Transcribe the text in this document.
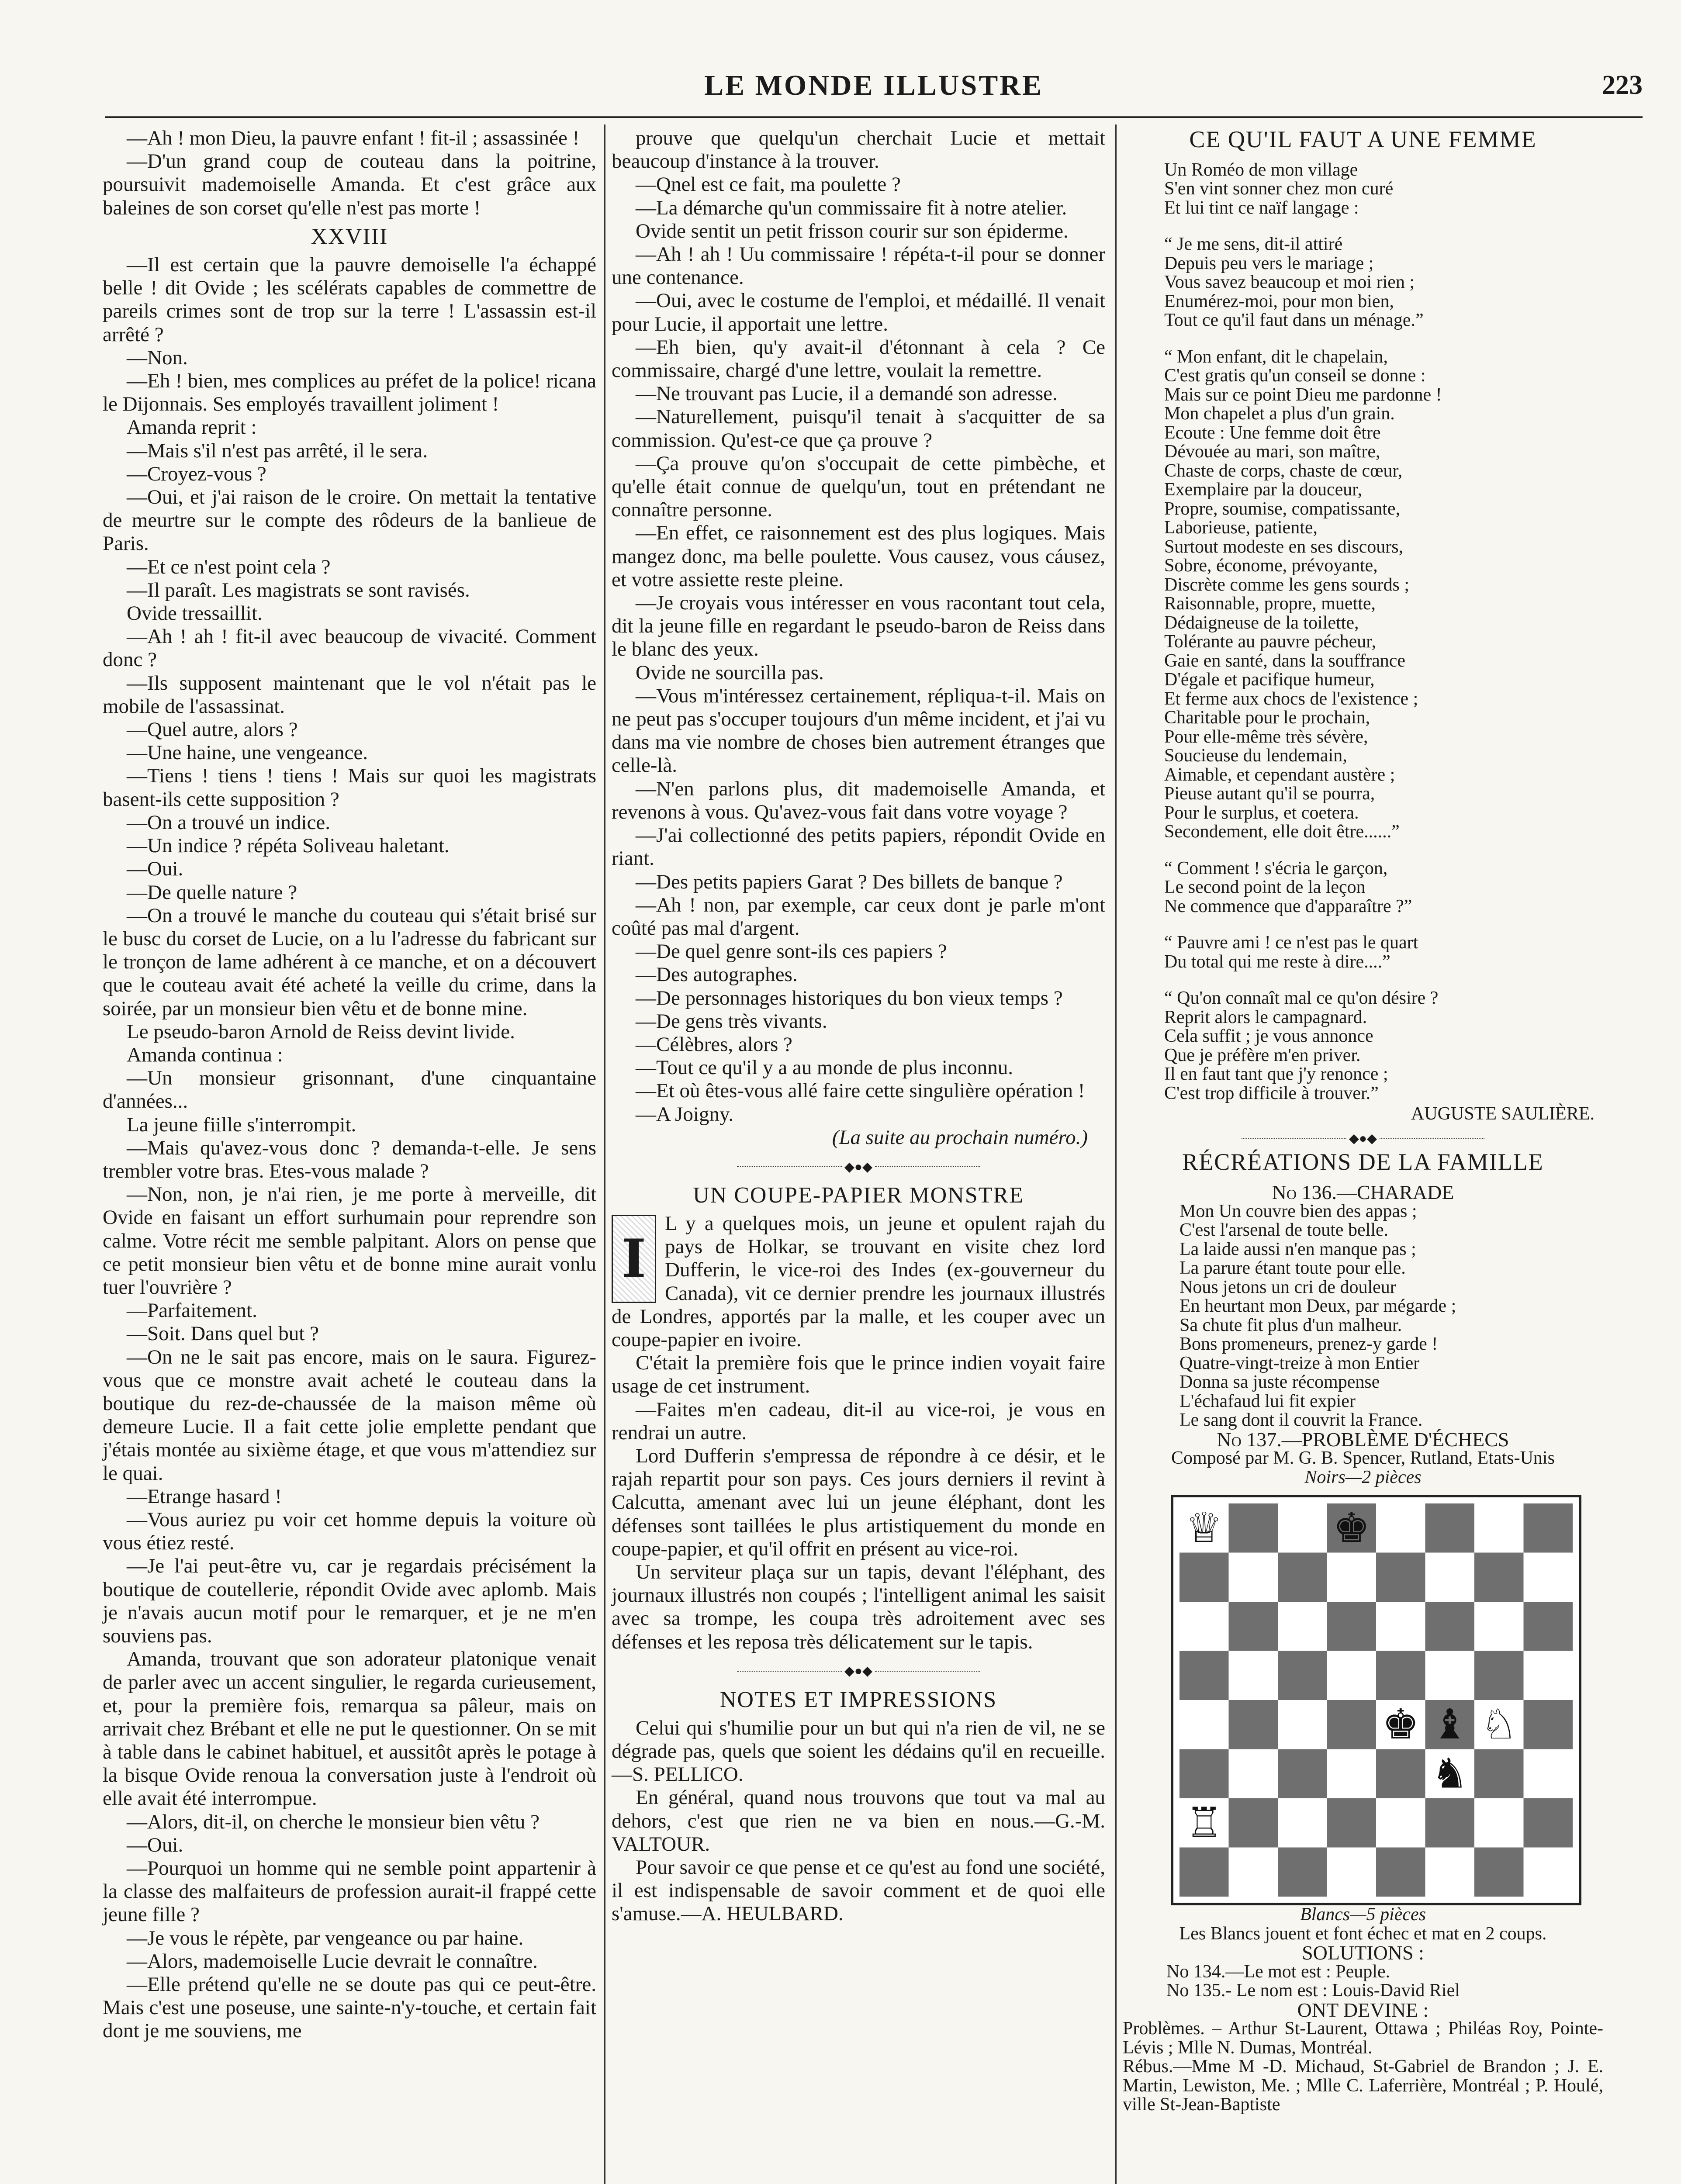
LE MONDE ILLUSTRE	223

—Ah ! mon Dieu, la pauvre enfant ! fit-il ; assassinée !

—D'un grand coup de couteau dans la poitrine, poursuivit mademoiselle Amanda. Et c'est grâce aux baleines de son corset qu'elle n'est pas morte !

XXVIII

—Il est certain que la pauvre demoiselle l'a échappé belle ! dit Ovide ; les scélérats capables de commettre de pareils crimes sont de trop sur la terre ! L'assassin est-il arrêté ?

—Non.

—Eh ! bien, mes complices au préfet de la police! ricana le Dijonnais. Ses employés travaillent joliment !

Amanda reprit :

—Mais s'il n'est pas arrêté, il le sera.

—Croyez-vous ?

—Oui, et j'ai raison de le croire. On mettait la tentative de meurtre sur le compte des rôdeurs de la banlieue de Paris.

—Et ce n'est point cela ?

—Il paraît. Les magistrats se sont ravisés.

Ovide tressaillit.

—Ah ! ah ! fit-il avec beaucoup de vivacité. Comment donc ?

—Ils supposent maintenant que le vol n'était pas le mobile de l'assassinat.

—Quel autre, alors ?

—Une haine, une vengeance.

—Tiens ! tiens ! tiens ! Mais sur quoi les magistrats basent-ils cette supposition ?

—On a trouvé un indice.

—Un indice ? répéta Soliveau haletant.

—Oui.

—De quelle nature ?

—On a trouvé le manche du couteau qui s'était brisé sur le busc du corset de Lucie, on a lu l'adresse du fabricant sur le tronçon de lame adhérent à ce manche, et on a découvert que le couteau avait été acheté la veille du crime, dans la soirée, par un monsieur bien vêtu et de bonne mine.

Le pseudo-baron Arnold de Reiss devint livide.

Amanda continua :

—Un monsieur grisonnant, d'une cinquantaine d'années...

La jeune fiille s'interrompit.

—Mais qu'avez-vous donc ? demanda-t-elle. Je sens trembler votre bras. Etes-vous malade ?

—Non, non, je n'ai rien, je me porte à merveille, dit Ovide en faisant un effort surhumain pour reprendre son calme. Votre récit me semble palpitant. Alors on pense que ce petit monsieur bien vêtu et de bonne mine aurait vonlu tuer l'ouvrière ?

—Parfaitement.

—Soit. Dans quel but ?

—On ne le sait pas encore, mais on le saura. Figurez-vous que ce monstre avait acheté le couteau dans la boutique du rez-de-chaussée de la maison même où demeure Lucie. Il a fait cette jolie emplette pendant que j'étais montée au sixième étage, et que vous m'attendiez sur le quai.

—Etrange hasard !

—Vous auriez pu voir cet homme depuis la voiture où vous étiez resté.

—Je l'ai peut-être vu, car je regardais précisément la boutique de coutellerie, répondit Ovide avec aplomb. Mais je n'avais aucun motif pour le remarquer, et je ne m'en souviens pas.

Amanda, trouvant que son adorateur platonique venait de parler avec un accent singulier, le regarda curieusement, et, pour la première fois, remarqua sa pâleur, mais on arrivait chez Brébant et elle ne put le questionner. On se mit à table dans le cabinet habituel, et aussitôt après le potage à la bisque Ovide renoua la conversation juste à l'endroit où elle avait été interrompue.

—Alors, dit-il, on cherche le monsieur bien vêtu ?

—Oui.

—Pourquoi un homme qui ne semble point appartenir à la classe des malfaiteurs de profession aurait-il frappé cette jeune fille ?

—Je vous le répète, par vengeance ou par haine.

—Alors, mademoiselle Lucie devrait le connaître.

—Elle prétend qu'elle ne se doute pas qui ce peut-être. Mais c'est une poseuse, une sainte-n'y-touche, et certain fait dont je me souviens, me

prouve que quelqu'un cherchait Lucie et mettait beaucoup d'instance à la trouver.

—Qnel est ce fait, ma poulette ?

—La démarche qu'un commissaire fit à notre atelier.

Ovide sentit un petit frisson courir sur son épiderme.

—Ah ! ah ! Uu commissaire ! répéta-t-il pour se donner une contenance.

—Oui, avec le costume de l'emploi, et médaillé. Il venait pour Lucie, il apportait une lettre.

—Eh bien, qu'y avait-il d'étonnant à cela ? Ce commissaire, chargé d'une lettre, voulait la remettre.

—Ne trouvant pas Lucie, il a demandé son adresse.

—Naturellement, puisqu'il tenait à s'acquitter de sa commission. Qu'est-ce que ça prouve ?

—Ça prouve qu'on s'occupait de cette pimbèche, et qu'elle était connue de quelqu'un, tout en prétendant ne connaître personne.

—En effet, ce raisonnement est des plus logiques. Mais mangez donc, ma belle poulette. Vous causez, vous cáusez, et votre assiette reste pleine.

—Je croyais vous intéresser en vous racontant tout cela, dit la jeune fille en regardant le pseudo-baron de Reiss dans le blanc des yeux.

Ovide ne sourcilla pas.

—Vous m'intéressez certainement, répliqua-t-il. Mais on ne peut pas s'occuper toujours d'un même incident, et j'ai vu dans ma vie nombre de choses bien autrement étranges que celle-là.

—N'en parlons plus, dit mademoiselle Amanda, et revenons à vous. Qu'avez-vous fait dans votre voyage ?

—J'ai collectionné des petits papiers, répondit Ovide en riant.

—Des petits papiers Garat ? Des billets de banque ?

—Ah ! non, par exemple, car ceux dont je parle m'ont coûté pas mal d'argent.

—De quel genre sont-ils ces papiers ?

—Des autographes.

—De personnages historiques du bon vieux temps ?

—De gens très vivants.

—Célèbres, alors ?

—Tout ce qu'il y a au monde de plus inconnu.

—Et où êtes-vous allé faire cette singulière opération !

—A Joigny.

(La suite au prochain numéro.)

◆●◆
UN COUPE-PAPIER MONSTRE
I

L y a quelques mois, un jeune et opulent rajah du pays de Holkar, se trouvant en visite chez lord Dufferin, le vice-roi des Indes (ex-gouverneur du Canada), vit ce dernier prendre les journaux illustrés de Londres, apportés par la malle, et les couper avec un coupe-papier en ivoire.

C'était la première fois que le prince indien voyait faire usage de cet instrument.

—Faites m'en cadeau, dit-il au vice-roi, je vous en rendrai un autre.

Lord Dufferin s'empressa de répondre à ce désir, et le rajah repartit pour son pays. Ces jours derniers il revint à Calcutta, amenant avec lui un jeune éléphant, dont les défenses sont taillées le plus artistiquement du monde en coupe-papier, et qu'il offrit en présent au vice-roi.

Un serviteur plaça sur un tapis, devant l'éléphant, des journaux illustrés non coupés ; l'intelligent animal les saisit avec sa trompe, les coupa très adroitement avec ses défenses et les reposa très délicatement sur le tapis.

◆●◆
NOTES ET IMPRESSIONS

Celui qui s'humilie pour un but qui n'a rien de vil, ne se dégrade pas, quels que soient les dédains qu'il en recueille.—S. PELLICO.

En général, quand nous trouvons que tout va mal au dehors, c'est que rien ne va bien en nous.—G.-M. VALTOUR.

Pour savoir ce que pense et ce qu'est au fond une société, il est indispensable de savoir comment et de quoi elle s'amuse.—A. HEULBARD.

CE QU'IL FAUT A UNE FEMME
Un Roméo de mon village
S'en vint sonner chez mon curé
Et lui tint ce naïf langage :
“ Je me sens, dit-il attiré
Depuis peu vers le mariage ;
Vous savez beaucoup et moi rien ;
Enumérez-moi, pour mon bien,
Tout ce qu'il faut dans un ménage.”
“ Mon enfant, dit le chapelain,
C'est gratis qu'un conseil se donne :
Mais sur ce point Dieu me pardonne !
Mon chapelet a plus d'un grain.
Ecoute : Une femme doit être
Dévouée au mari, son maître,
Chaste de corps, chaste de cœur,
Exemplaire par la douceur,
Propre, soumise, compatissante,
Laborieuse, patiente,
Surtout modeste en ses discours,
Sobre, économe, prévoyante,
Discrète comme les gens sourds ;
Raisonnable, propre, muette,
Dédaigneuse de la toilette,
Tolérante au pauvre pécheur,
Gaie en santé, dans la souffrance
D'égale et pacifique humeur,
Et ferme aux chocs de l'existence ;
Charitable pour le prochain,
Pour elle-même très sévère,
Soucieuse du lendemain,
Aimable, et cependant austère ;
Pieuse autant qu'il se pourra,
Pour le surplus, et coetera.
Secondement, elle doit être......”
“ Comment ! s'écria le garçon,
Le second point de la leçon
Ne commence que d'apparaître ?”
“ Pauvre ami ! ce n'est pas le quart
Du total qui me reste à dire....”
“ Qu'on connaît mal ce qu'on désire ?
Reprit alors le campagnard.
Cela suffit ; je vous annonce
Que je préfère m'en priver.
Il en faut tant que j'y renonce ;
C'est trop difficile à trouver.”
AUGUSTE SAULIÈRE.
◆●◆
RÉCRÉATIONS DE LA FAMILLE
No 136.—CHARADE
Mon Un couvre bien des appas ;
C'est l'arsenal de toute belle.
La laide aussi n'en manque pas ;
La parure étant toute pour elle.
Nous jetons un cri de douleur
En heurtant mon Deux, par mégarde ;
Sa chute fit plus d'un malheur.
Bons promeneurs, prenez-y garde !
Quatre-vingt-treize à mon Entier
Donna sa juste récompense
L'échafaud lui fit expier
Le sang dont il couvrit la France.
No 137.—PROBLÈME D'ÉCHECS
Composé par M. G. B. Spencer, Rutland, Etats-Unis
Noirs—2 pièces
♕	♚
♚ ♝ ♘
♞
♖
Blancs—5 pièces
Les Blancs jouent et font échec et mat en 2 coups.
SOLUTIONS :

No 134.—Le mot est : Peuple.

No 135.- Le nom est : Louis-David Riel

ONT DEVINE :

Problèmes. – Arthur St-Laurent, Ottawa ; Philéas Roy, Pointe-Lévis ; Mlle N. Dumas, Montréal.

Rébus.—Mme M -D. Michaud, St-Gabriel de Brandon ; J. E. Martin, Lewiston, Me. ; Mlle C. Laferrière, Montréal ; P. Houlé, ville St-Jean-Baptiste
